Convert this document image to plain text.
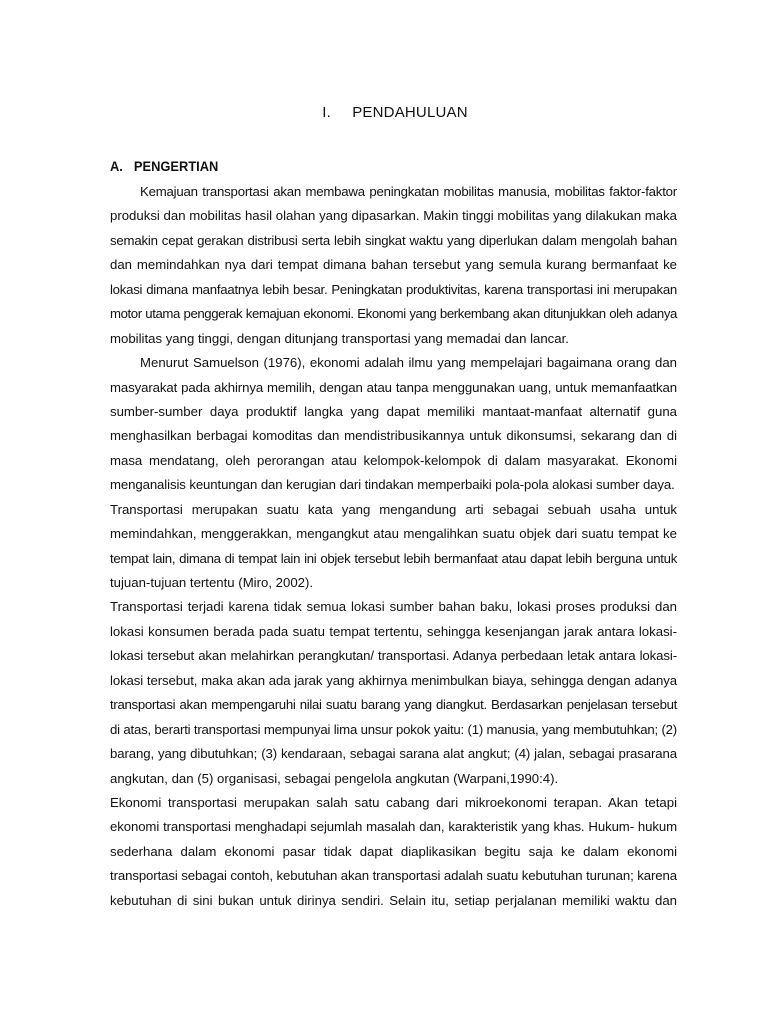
I. PENDAHULUAN
A. PENGERTIAN
Kemajuan transportasi akan membawa peningkatan mobilitas manusia, mobilitas faktor-faktor
produksi dan mobilitas hasil olahan yang dipasarkan. Makin tinggi mobilitas yang dilakukan maka
semakin cepat gerakan distribusi serta lebih singkat waktu yang diperlukan dalam mengolah bahan
dan memindahkan nya dari tempat dimana bahan tersebut yang semula kurang bermanfaat ke
lokasi dimana manfaatnya lebih besar. Peningkatan produktivitas, karena transportasi ini merupakan
motor utama penggerak kemajuan ekonomi. Ekonomi yang berkembang akan ditunjukkan oleh adanya
mobilitas yang tinggi, dengan ditunjang transportasi yang memadai dan lancar.
Menurut Samuelson (1976), ekonomi adalah ilmu yang mempelajari bagaimana orang dan
masyarakat pada akhirnya memilih, dengan atau tanpa menggunakan uang, untuk memanfaatkan
sumber-sumber daya produktif langka yang dapat memiliki mantaat-manfaat alternatif guna
menghasilkan berbagai komoditas dan mendistribusikannya untuk dikonsumsi, sekarang dan di
masa mendatang, oleh perorangan atau kelompok-kelompok di dalam masyarakat. Ekonomi
menganalisis keuntungan dan kerugian dari tindakan memperbaiki pola-pola alokasi sumber daya.
Transportasi merupakan suatu kata yang mengandung arti sebagai sebuah usaha untuk
memindahkan, menggerakkan, mengangkut atau mengalihkan suatu objek dari suatu tempat ke
tempat lain, dimana di tempat lain ini objek tersebut lebih bermanfaat atau dapat lebih berguna untuk
tujuan-tujuan tertentu (Miro, 2002).
Transportasi terjadi karena tidak semua lokasi sumber bahan baku, lokasi proses produksi dan
lokasi konsumen berada pada suatu tempat tertentu, sehingga kesenjangan jarak antara lokasi-
lokasi tersebut akan melahirkan perangkutan/ transportasi. Adanya perbedaan letak antara lokasi-
lokasi tersebut, maka akan ada jarak yang akhirnya menimbulkan biaya, sehingga dengan adanya
transportasi akan mempengaruhi nilai suatu barang yang diangkut. Berdasarkan penjelasan tersebut
di atas, berarti transportasi mempunyai lima unsur pokok yaitu: (1) manusia, yang membutuhkan; (2)
barang, yang dibutuhkan; (3) kendaraan, sebagai sarana alat angkut; (4) jalan, sebagai prasarana
angkutan, dan (5) organisasi, sebagai pengelola angkutan (Warpani,1990:4).
Ekonomi transportasi merupakan salah satu cabang dari mikroekonomi terapan. Akan tetapi
ekonomi transportasi menghadapi sejumlah masalah dan, karakteristik yang khas. Hukum- hukum
sederhana dalam ekonomi pasar tidak dapat diaplikasikan begitu saja ke dalam ekonomi
transportasi sebagai contoh, kebutuhan akan transportasi adalah suatu kebutuhan turunan; karena
kebutuhan di sini bukan untuk dirinya sendiri. Selain itu, setiap perjalanan memiliki waktu dan
